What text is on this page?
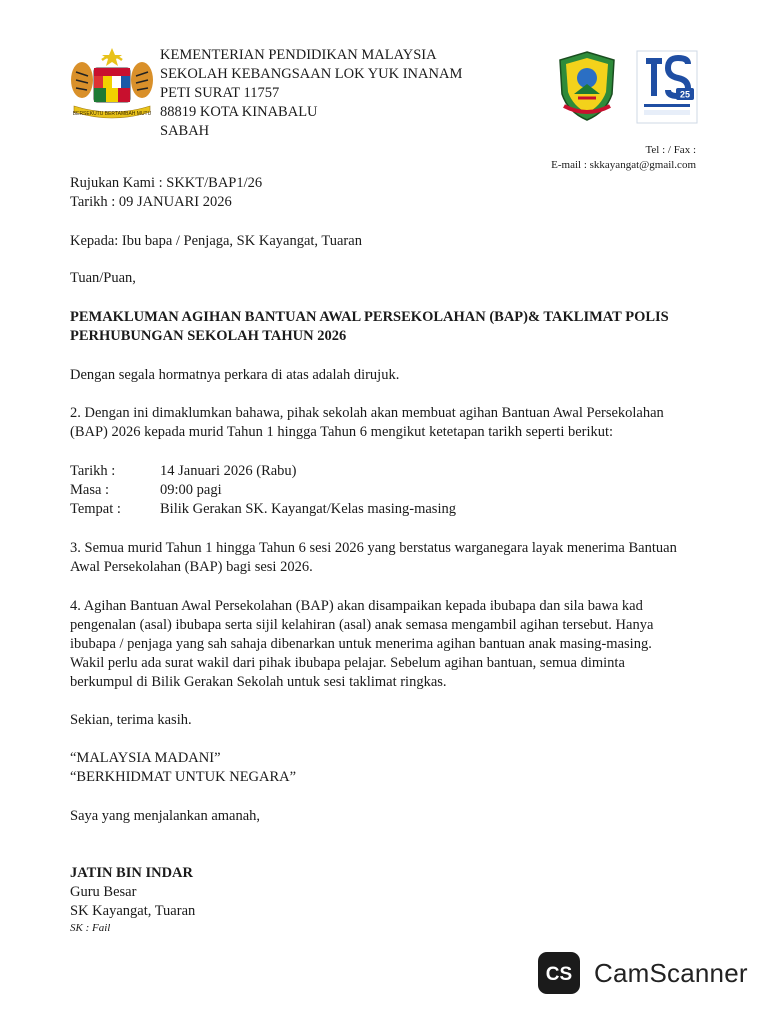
BERSEKUTU BERTAMBAH MUTU
KEMENTERIAN PENDIDIKAN MALAYSIA
SEKOLAH KEBANGSAAN LOK YUK INANAM
PETI SURAT 11757
88819 KOTA KINABALU
SABAH
25
Tel : / Fax :
E-mail : skkayangat@gmail.com
Rujukan Kami : SKKT/BAP1/26
Tarikh : 09 JANUARI 2026
Kepada: Ibu bapa / Penjaga, SK Kayangat, Tuaran
Tuan/Puan,
PEMAKLUMAN AGIHAN BANTUAN AWAL PERSEKOLAHAN (BAP)& TAKLIMAT POLIS
PERHUBUNGAN SEKOLAH TAHUN 2026
Dengan segala hormatnya perkara di atas adalah dirujuk.
2. Dengan ini dimaklumkan bahawa, pihak sekolah akan membuat agihan Bantuan Awal Persekolahan
(BAP) 2026 kepada murid Tahun 1 hingga Tahun 6 mengikut ketetapan tarikh seperti berikut:
Tarikh :	14 Januari 2026 (Rabu)
Masa :	09:00 pagi
Tempat :	Bilik Gerakan SK. Kayangat/Kelas masing-masing
3. Semua murid Tahun 1 hingga Tahun 6 sesi 2026 yang berstatus warganegara layak menerima Bantuan
Awal Persekolahan (BAP) bagi sesi 2026.
4. Agihan Bantuan Awal Persekolahan (BAP) akan disampaikan kepada ibubapa dan sila bawa kad
pengenalan (asal) ibubapa serta sijil kelahiran (asal) anak semasa mengambil agihan tersebut. Hanya
ibubapa / penjaga yang sah sahaja dibenarkan untuk menerima agihan bantuan anak masing-masing.
Wakil perlu ada surat wakil dari pihak ibubapa pelajar. Sebelum agihan bantuan, semua diminta
berkumpul di Bilik Gerakan Sekolah untuk sesi taklimat ringkas.
Sekian, terima kasih.
“MALAYSIA MADANI”
“BERKHIDMAT UNTUK NEGARA”
Saya yang menjalankan amanah,
JATIN BIN INDAR
Guru Besar
SK Kayangat, Tuaran
SK : Fail
CS CamScanner
